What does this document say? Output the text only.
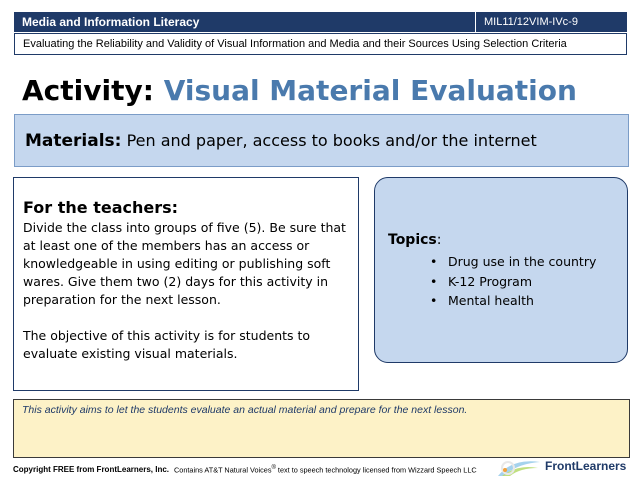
Media and Information Literacy	MIL11/12VIM-IVc-9
Evaluating the Reliability and Validity of Visual Information and Media and their Sources Using Selection Criteria
Activity: Visual Material Evaluation
Materials: Pen and paper, access to books and/or the internet
For the teachers:

Divide the class into groups of five (5). Be sure that at least one of the members has an access or knowledgeable in using editing or publishing soft wares. Give them two (2) days for this activity in preparation for the next lesson.

The objective of this activity is for students to evaluate existing visual materials.

Topics:
• Drug use in the country
• K-12 Program
• Mental health
This activity aims to let the students evaluate an actual material and prepare for the next lesson.
Copyright FREE from FrontLearners, Inc. Contains AT&T Natural Voices® text to speech technology licensed from Wizzard Speech LLC	FrontLearners
